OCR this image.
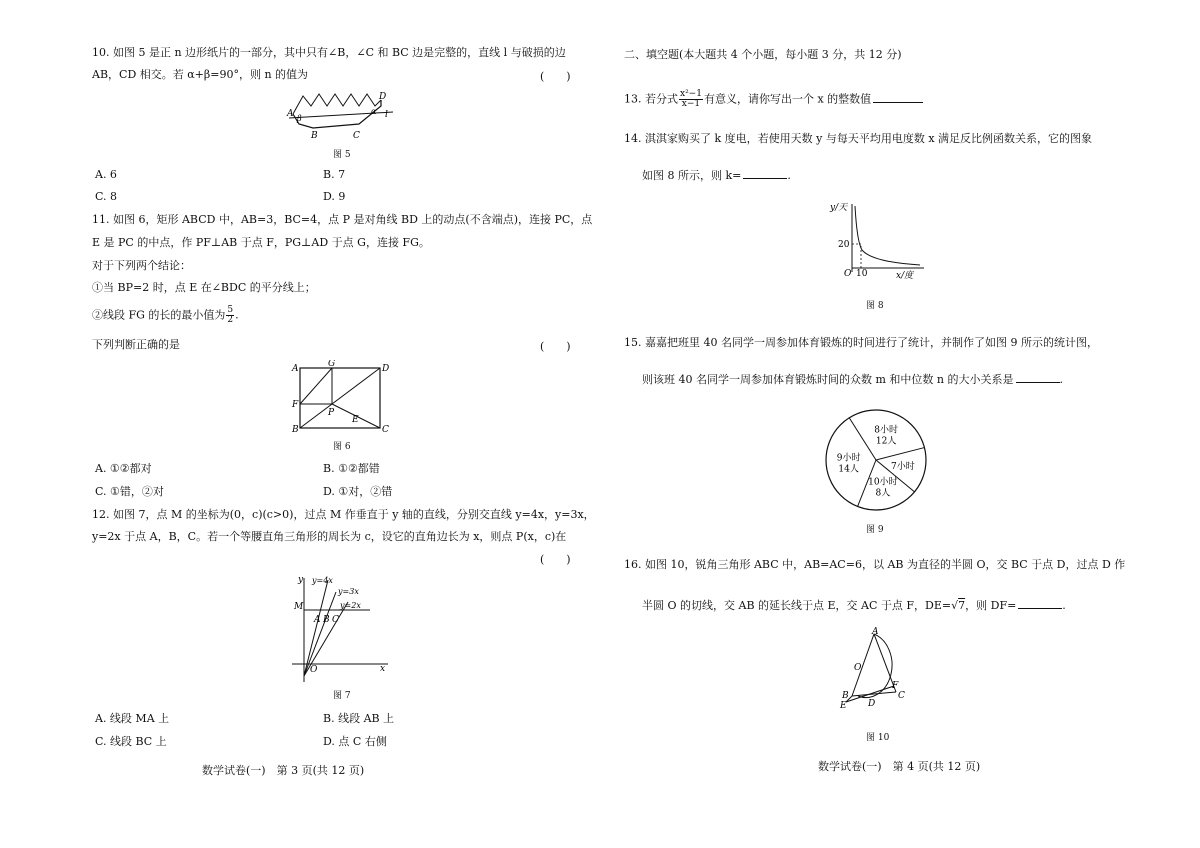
10. 如图 5 是正 n 边形纸片的一部分，其中只有∠B，∠C 和 BC 边是完整的，直线 l 与破损的边
AB，CD 相交。若 α+β=90°，则 n 的值为	(　　)
A β
B	C
D
α l
图 5
A. 6	B. 7
C. 8	D. 9
11. 如图 6，矩形 ABCD 中，AB=3，BC=4，点 P 是对角线 BD 上的动点(不含端点)，连接 PC，点
E 是 PC 的中点，作 PF⊥AB 于点 F，PG⊥AD 于点 G，连接 FG。
对于下列两个结论：
①当 BP=2 时，点 E 在∠BDC 的平分线上；
②线段 FG 的长的最小值为 $\frac{5}{2}$ .
下列判断正确的是	(　　)
A	G	D
F
P
E
B	C
图 6
A. ①②都对	B. ①②都错
C. ①错，②对	D. ①对，②错
12. 如图 7，点 M 的坐标为(0，c)(c>0)，过点 M 作垂直于 y 轴的直线，分别交直线 y=4x，y=3x，
y=2x 于点 A，B，C。若一个等腰直角三角形的周长为 c，设它的直角边长为 x，则点 P(x，c)在
(　　)
y
x
O
M
A B C
y=4x
y=3x
y=2x
图 7
A. 线段 MA 上	B. 线段 AB 上
C. 线段 BC 上	D. 点 C 右侧
数学试卷(一)　第 3 页(共 12 页)
二、填空题(本大题共 4 个小题，每小题 3 分，共 12 分)
13. 若分式 $\frac{\text{x²−1}}{x-1}$ 有意义，请你写出一个 x 的整数值
14. 淇淇家购买了 k 度电，若使用天数 y 与每天平均用电度数 x 满足反比例函数关系，它的图象
如图 8 所示，则 k=	.
y/天
20
O 10	x/度
图 8
15. 嘉嘉把班里 40 名同学一周参加体育锻炼的时间进行了统计，并制作了如图 9 所示的统计图，
则该班 40 名同学一周参加体育锻炼时间的众数 m 和中位数 n 的大小关系是	.
8小时
12人
7小时
10小时
8人
9小时
14人
图 9
16. 如图 10，锐角三角形 ABC 中，AB=AC=6，以 AB 为直径的半圆 O，交 BC 于点 D，过点 D 作
半圆 O 的切线，交 AB 的延长线于点 E，交 AC 于点 F，DE=√7，则 DF=	.
A
O
B
E D
F
C
图 10
数学试卷(一)　第 4 页(共 12 页)
